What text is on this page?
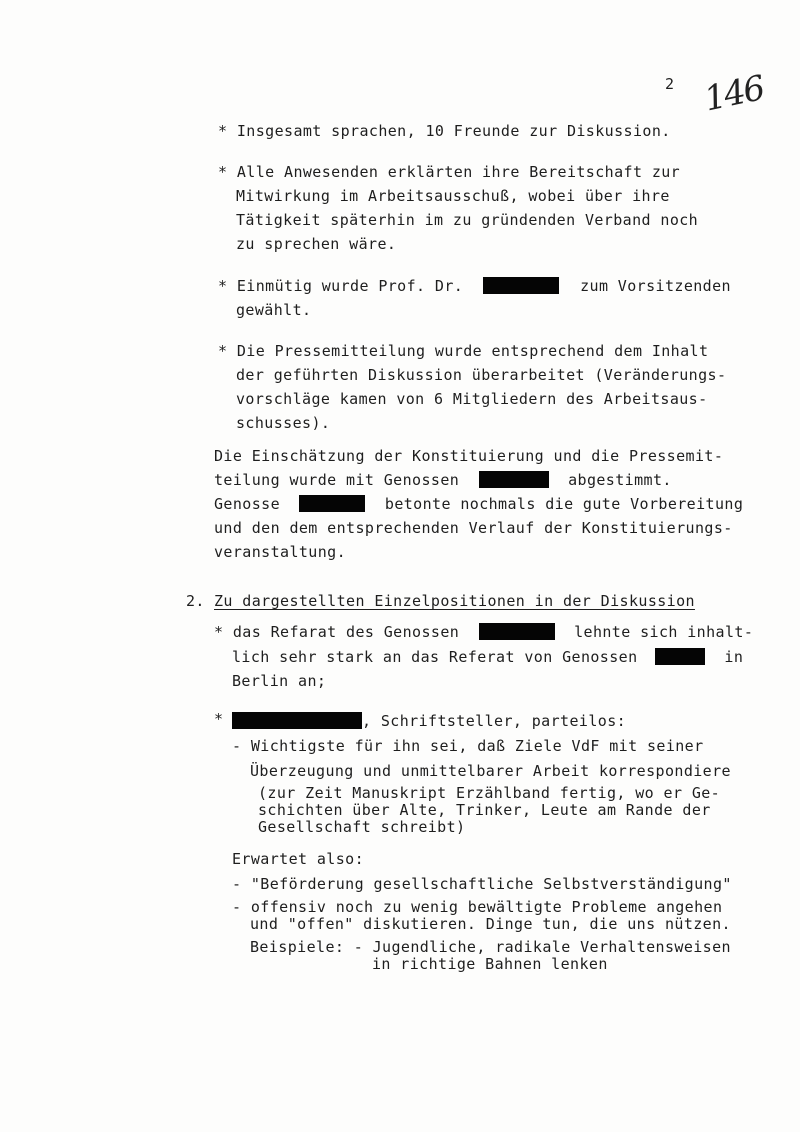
2 146
* Insgesamt sprachen, 10 Freunde zur Diskussion.
* Alle Anwesenden erklärten ihre Bereitschaft zur
Mitwirkung im Arbeitsausschuß, wobei über ihre
Tätigkeit späterhin im zu gründenden Verband noch
zu sprechen wäre.
* Einmütig wurde Prof. Dr.	zum Vorsitzenden
gewählt.
* Die Pressemitteilung wurde entsprechend dem Inhalt
der geführten Diskussion überarbeitet (Veränderungs-
vorschläge kamen von 6 Mitgliedern des Arbeitsaus-
schusses).
Die Einschätzung der Konstituierung und die Pressemit-
teilung wurde mit Genossen	abgestimmt.
Genosse	betonte nochmals die gute Vorbereitung
und den dem entsprechenden Verlauf der Konstituierungs-
veranstaltung.
2. Zu dargestellten Einzelpositionen in der Diskussion
* das Refarat des Genossen	lehnte sich inhalt-
lich sehr stark an das Referat von Genossen	in
Berlin an;
*	, Schriftsteller, parteilos:
- Wichtigste für ihn sei, daß Ziele VdF mit seiner
Überzeugung und unmittelbarer Arbeit korrespondiere
(zur Zeit Manuskript Erzählband fertig, wo er Ge-
schichten über Alte, Trinker, Leute am Rande der
Gesellschaft schreibt)
Erwartet also:
- "Beförderung gesellschaftliche Selbstverständigung"
- offensiv noch zu wenig bewältigte Probleme angehen
und "offen" diskutieren. Dinge tun, die uns nützen.
Beispiele: - Jugendliche, radikale Verhaltensweisen
in richtige Bahnen lenken
